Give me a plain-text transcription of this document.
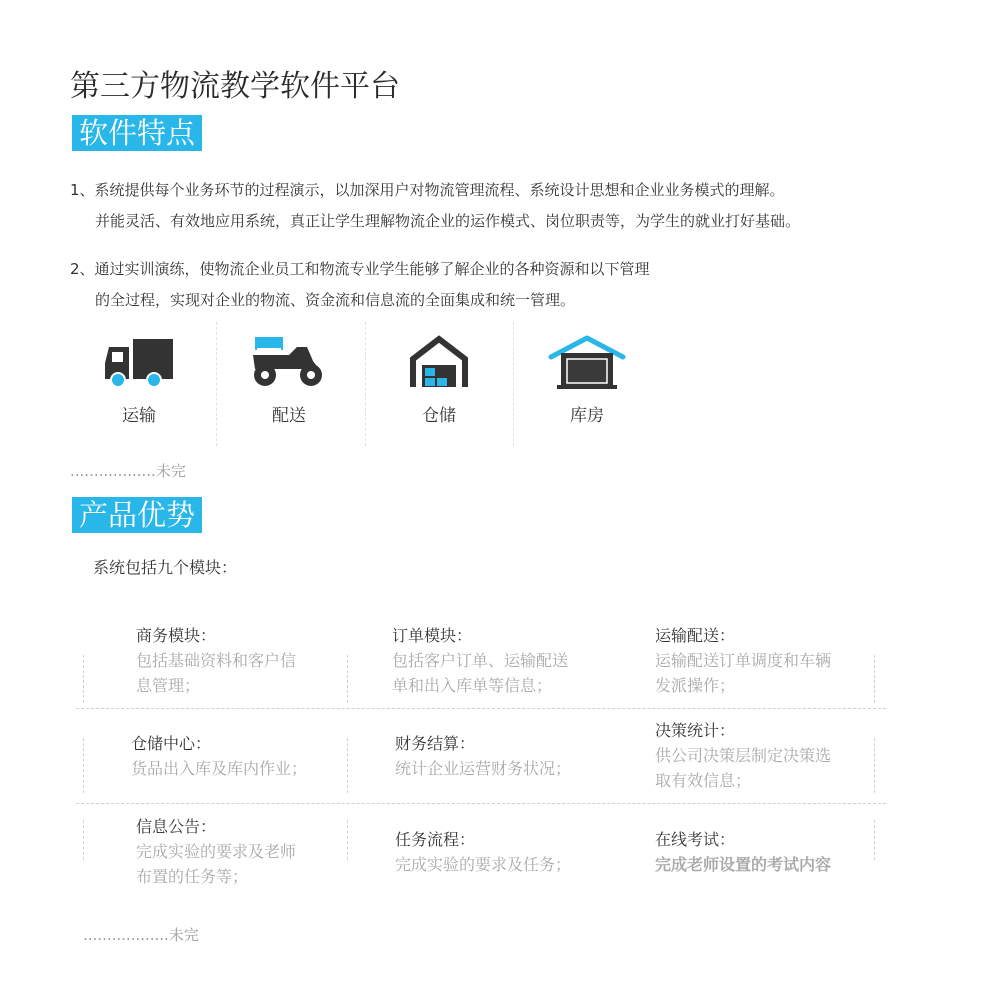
第三方物流教学软件平台
软件特点
1、系统提供每个业务环节的过程演示，以加深用户对物流管理流程、系统设计思想和企业业务模式的理解。
并能灵活、有效地应用系统，真正让学生理解物流企业的运作模式、岗位职责等，为学生的就业打好基础。
2、通过实训演练，使物流企业员工和物流专业学生能够了解企业的各种资源和以下管理
的全过程，实现对企业的物流、资金流和信息流的全面集成和统一管理。
运输	配送	仓储	库房
..................未完
产品优势
系统包括九个模块：
商务模块：
包括基础资料和客户信
息管理；
订单模块：
包括客户订单、运输配送
单和出入库单等信息；
运输配送：
运输配送订单调度和车辆
发派操作；
仓储中心：
货品出入库及库内作业；
财务结算：
统计企业运营财务状况；
决策统计：
供公司决策层制定决策选
取有效信息；
信息公告：
完成实验的要求及老师
布置的任务等；
任务流程：
完成实验的要求及任务；
在线考试：
完成老师设置的考试内容
..................未完
